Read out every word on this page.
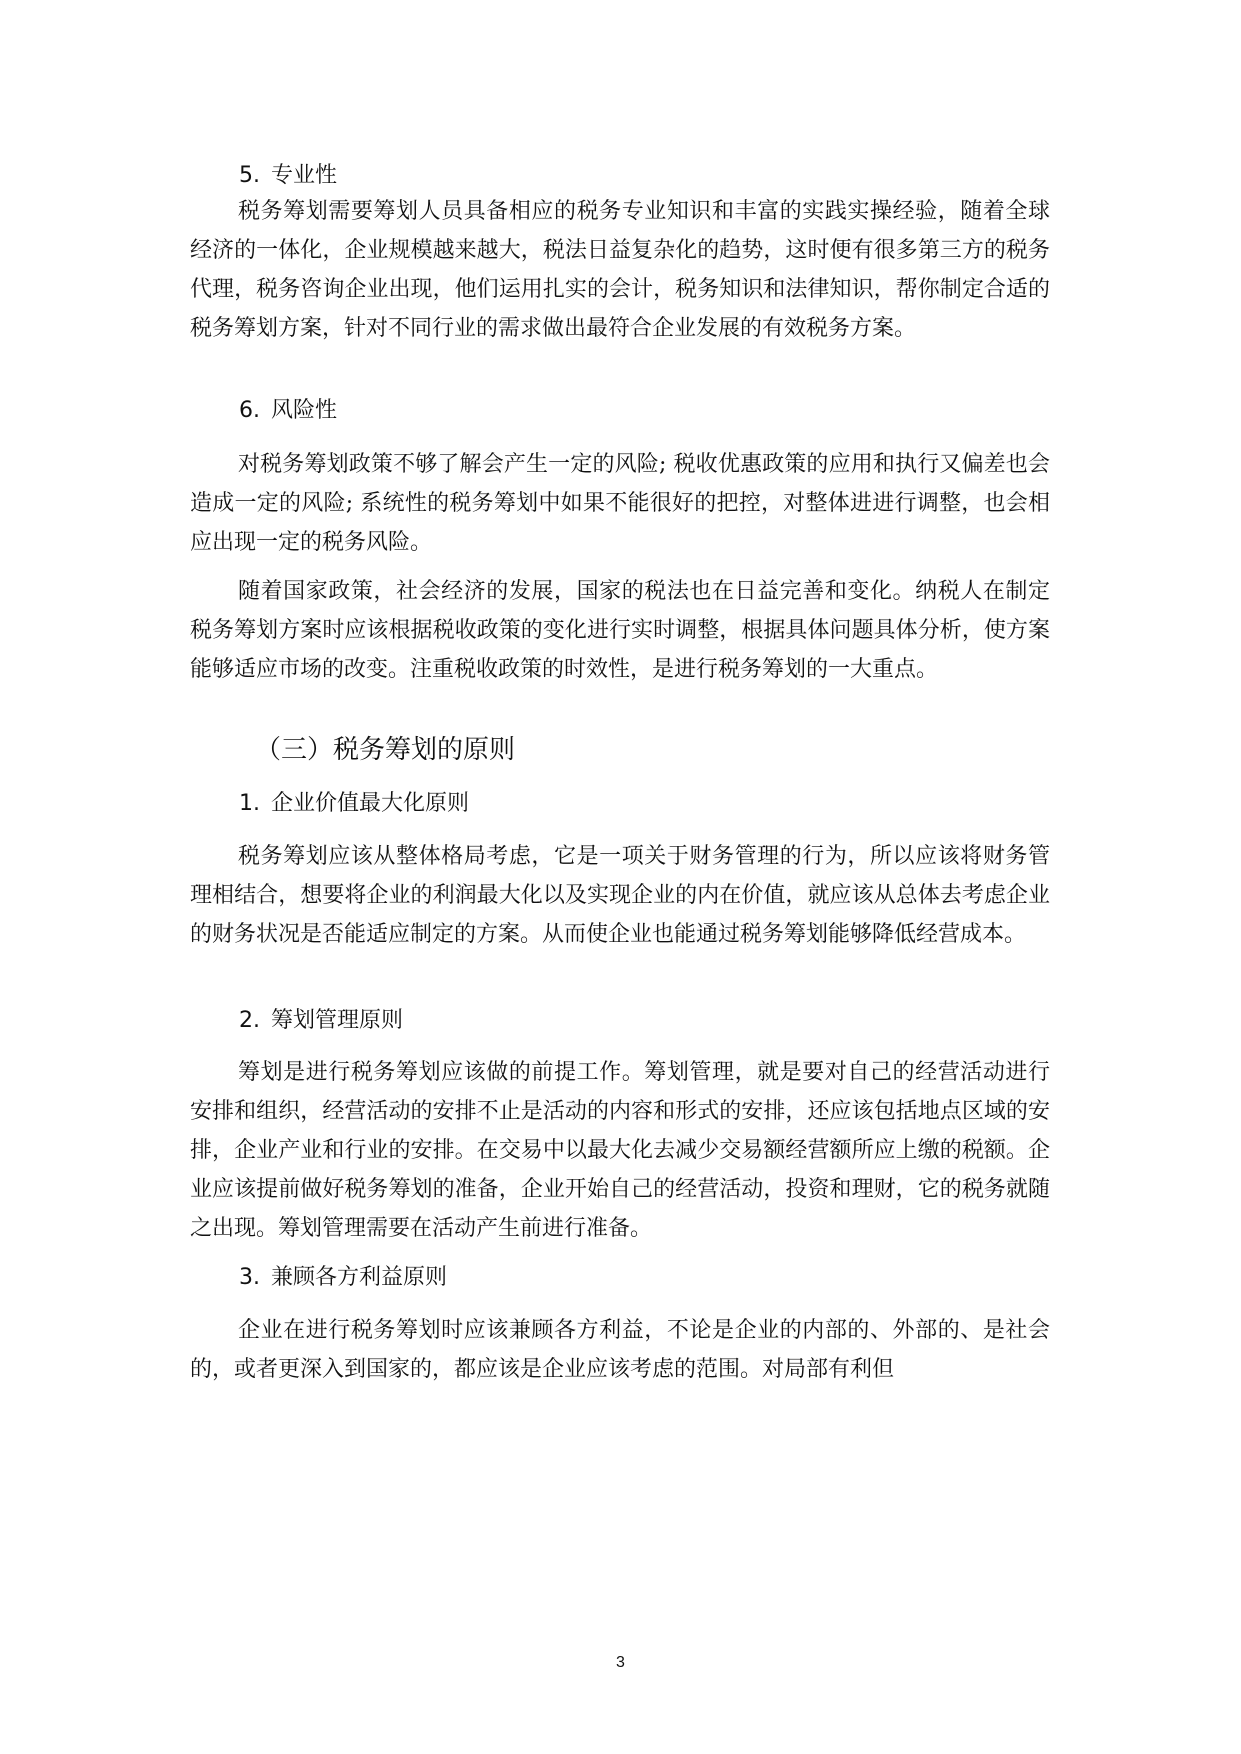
5. 专业性

税务筹划需要筹划人员具备相应的税务专业知识和丰富的实践实操经验，随着全球经济的一体化，企业规模越来越大，税法日益复杂化的趋势，这时便有很多第三方的税务代理，税务咨询企业出现，他们运用扎实的会计，税务知识和法律知识，帮你制定合适的税务筹划方案，针对不同行业的需求做出最符合企业发展的有效税务方案。

6. 风险性

对税务筹划政策不够了解会产生一定的风险; 税收优惠政策的应用和执行又偏差也会造成一定的风险; 系统性的税务筹划中如果不能很好的把控，对整体进进行调整，也会相应出现一定的税务风险。

随着国家政策，社会经济的发展，国家的税法也在日益完善和变化。纳税人在制定税务筹划方案时应该根据税收政策的变化进行实时调整，根据具体问题具体分析，使方案能够适应市场的改变。注重税收政策的时效性，是进行税务筹划的一大重点。

（三）税务筹划的原则
1. 企业价值最大化原则

税务筹划应该从整体格局考虑，它是一项关于财务管理的行为，所以应该将财务管理相结合，想要将企业的利润最大化以及实现企业的内在价值，就应该从总体去考虑企业的财务状况是否能适应制定的方案。从而使企业也能通过税务筹划能够降低经营成本。

2. 筹划管理原则

筹划是进行税务筹划应该做的前提工作。筹划管理，就是要对自己的经营活动进行安排和组织，经营活动的安排不止是活动的内容和形式的安排，还应该包括地点区域的安排，企业产业和行业的安排。在交易中以最大化去减少交易额经营额所应上缴的税额。企业应该提前做好税务筹划的准备，企业开始自己的经营活动，投资和理财，它的税务就随之出现。筹划管理需要在活动产生前进行准备。

3. 兼顾各方利益原则

企业在进行税务筹划时应该兼顾各方利益，不论是企业的内部的、外部的、是社会的，或者更深入到国家的，都应该是企业应该考虑的范围。对局部有利但

3
